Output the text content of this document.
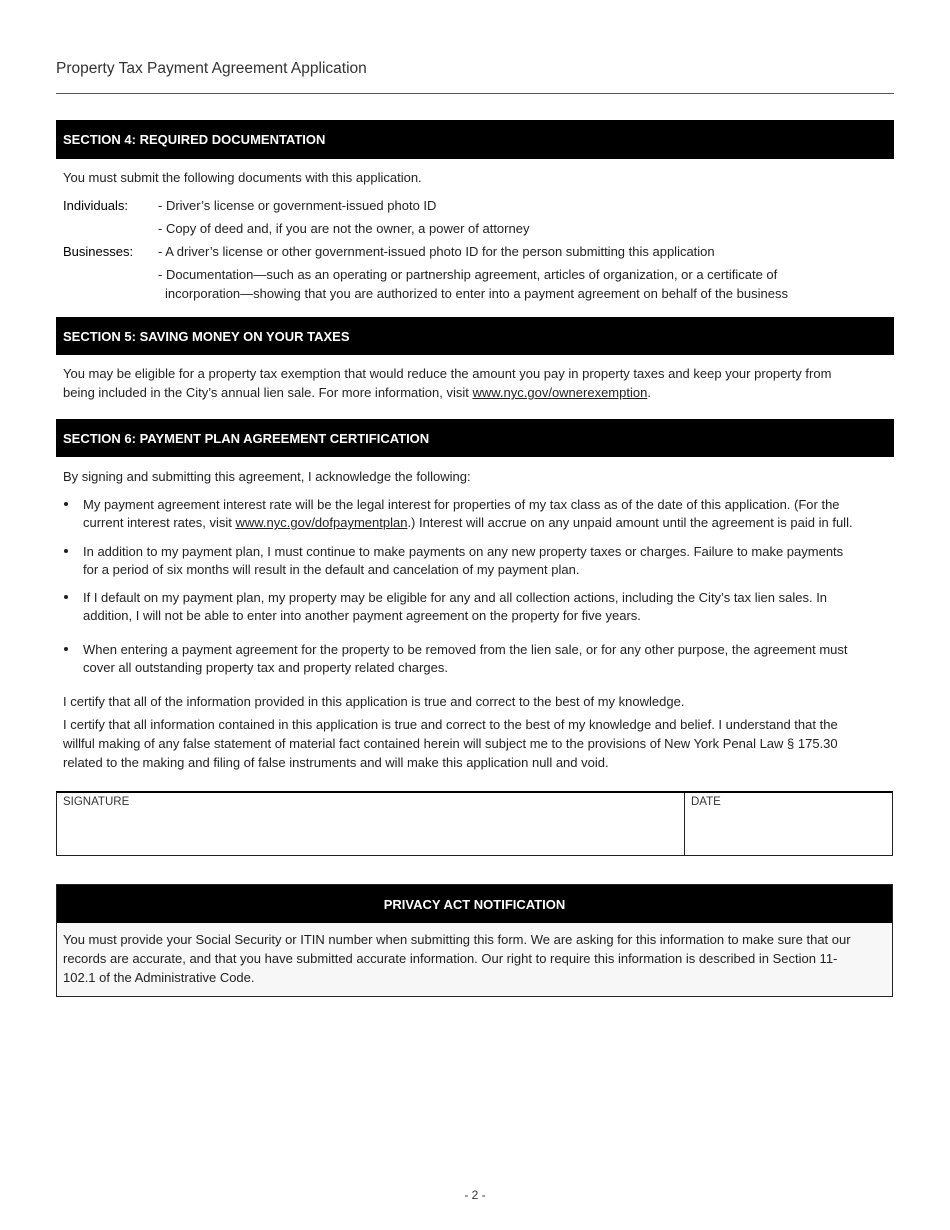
Property Tax Payment Agreement Application
SECTION 4: REQUIRED DOCUMENTATION
You must submit the following documents with this application.
Individuals: - Driver’s license or government-issued photo ID
- Copy of deed and, if you are not the owner, a power of attorney
Businesses: - A driver’s license or other government-issued photo ID for the person submitting this application
- Documentation—such as an operating or partnership agreement, articles of organization, or a certificate of
incorporation—showing that you are authorized to enter into a payment agreement on behalf of the business
SECTION 5: SAVING MONEY ON YOUR TAXES
You may be eligible for a property tax exemption that would reduce the amount you pay in property taxes and keep your property from
being included in the City’s annual lien sale. For more information, visit www.nyc.gov/ownerexemption.
SECTION 6: PAYMENT PLAN AGREEMENT CERTIFICATION
By signing and submitting this agreement, I acknowledge the following:
My payment agreement interest rate will be the legal interest for properties of my tax class as of the date of this application. (For the
current interest rates, visit www.nyc.gov/dofpaymentplan.) Interest will accrue on any unpaid amount until the agreement is paid in full.
In addition to my payment plan, I must continue to make payments on any new property taxes or charges. Failure to make payments
for a period of six months will result in the default and cancelation of my payment plan.
If I default on my payment plan, my property may be eligible for any and all collection actions, including the City’s tax lien sales. In
addition, I will not be able to enter into another payment agreement on the property for five years.
When entering a payment agreement for the property to be removed from the lien sale, or for any other purpose, the agreement must
cover all outstanding property tax and property related charges.
I certify that all of the information provided in this application is true and correct to the best of my knowledge.
I certify that all information contained in this application is true and correct to the best of my knowledge and belief. I understand that the
willful making of any false statement of material fact contained herein will subject me to the provisions of New York Penal Law § 175.30
related to the making and filing of false instruments and will make this application null and void.
SIGNATURE	DATE
PRIVACY ACT NOTIFICATION
You must provide your Social Security or ITIN number when submitting this form. We are asking for this information to make sure that our
records are accurate, and that you have submitted accurate information. Our right to require this information is described in Section 11-
102.1 of the Administrative Code.
- 2 -
